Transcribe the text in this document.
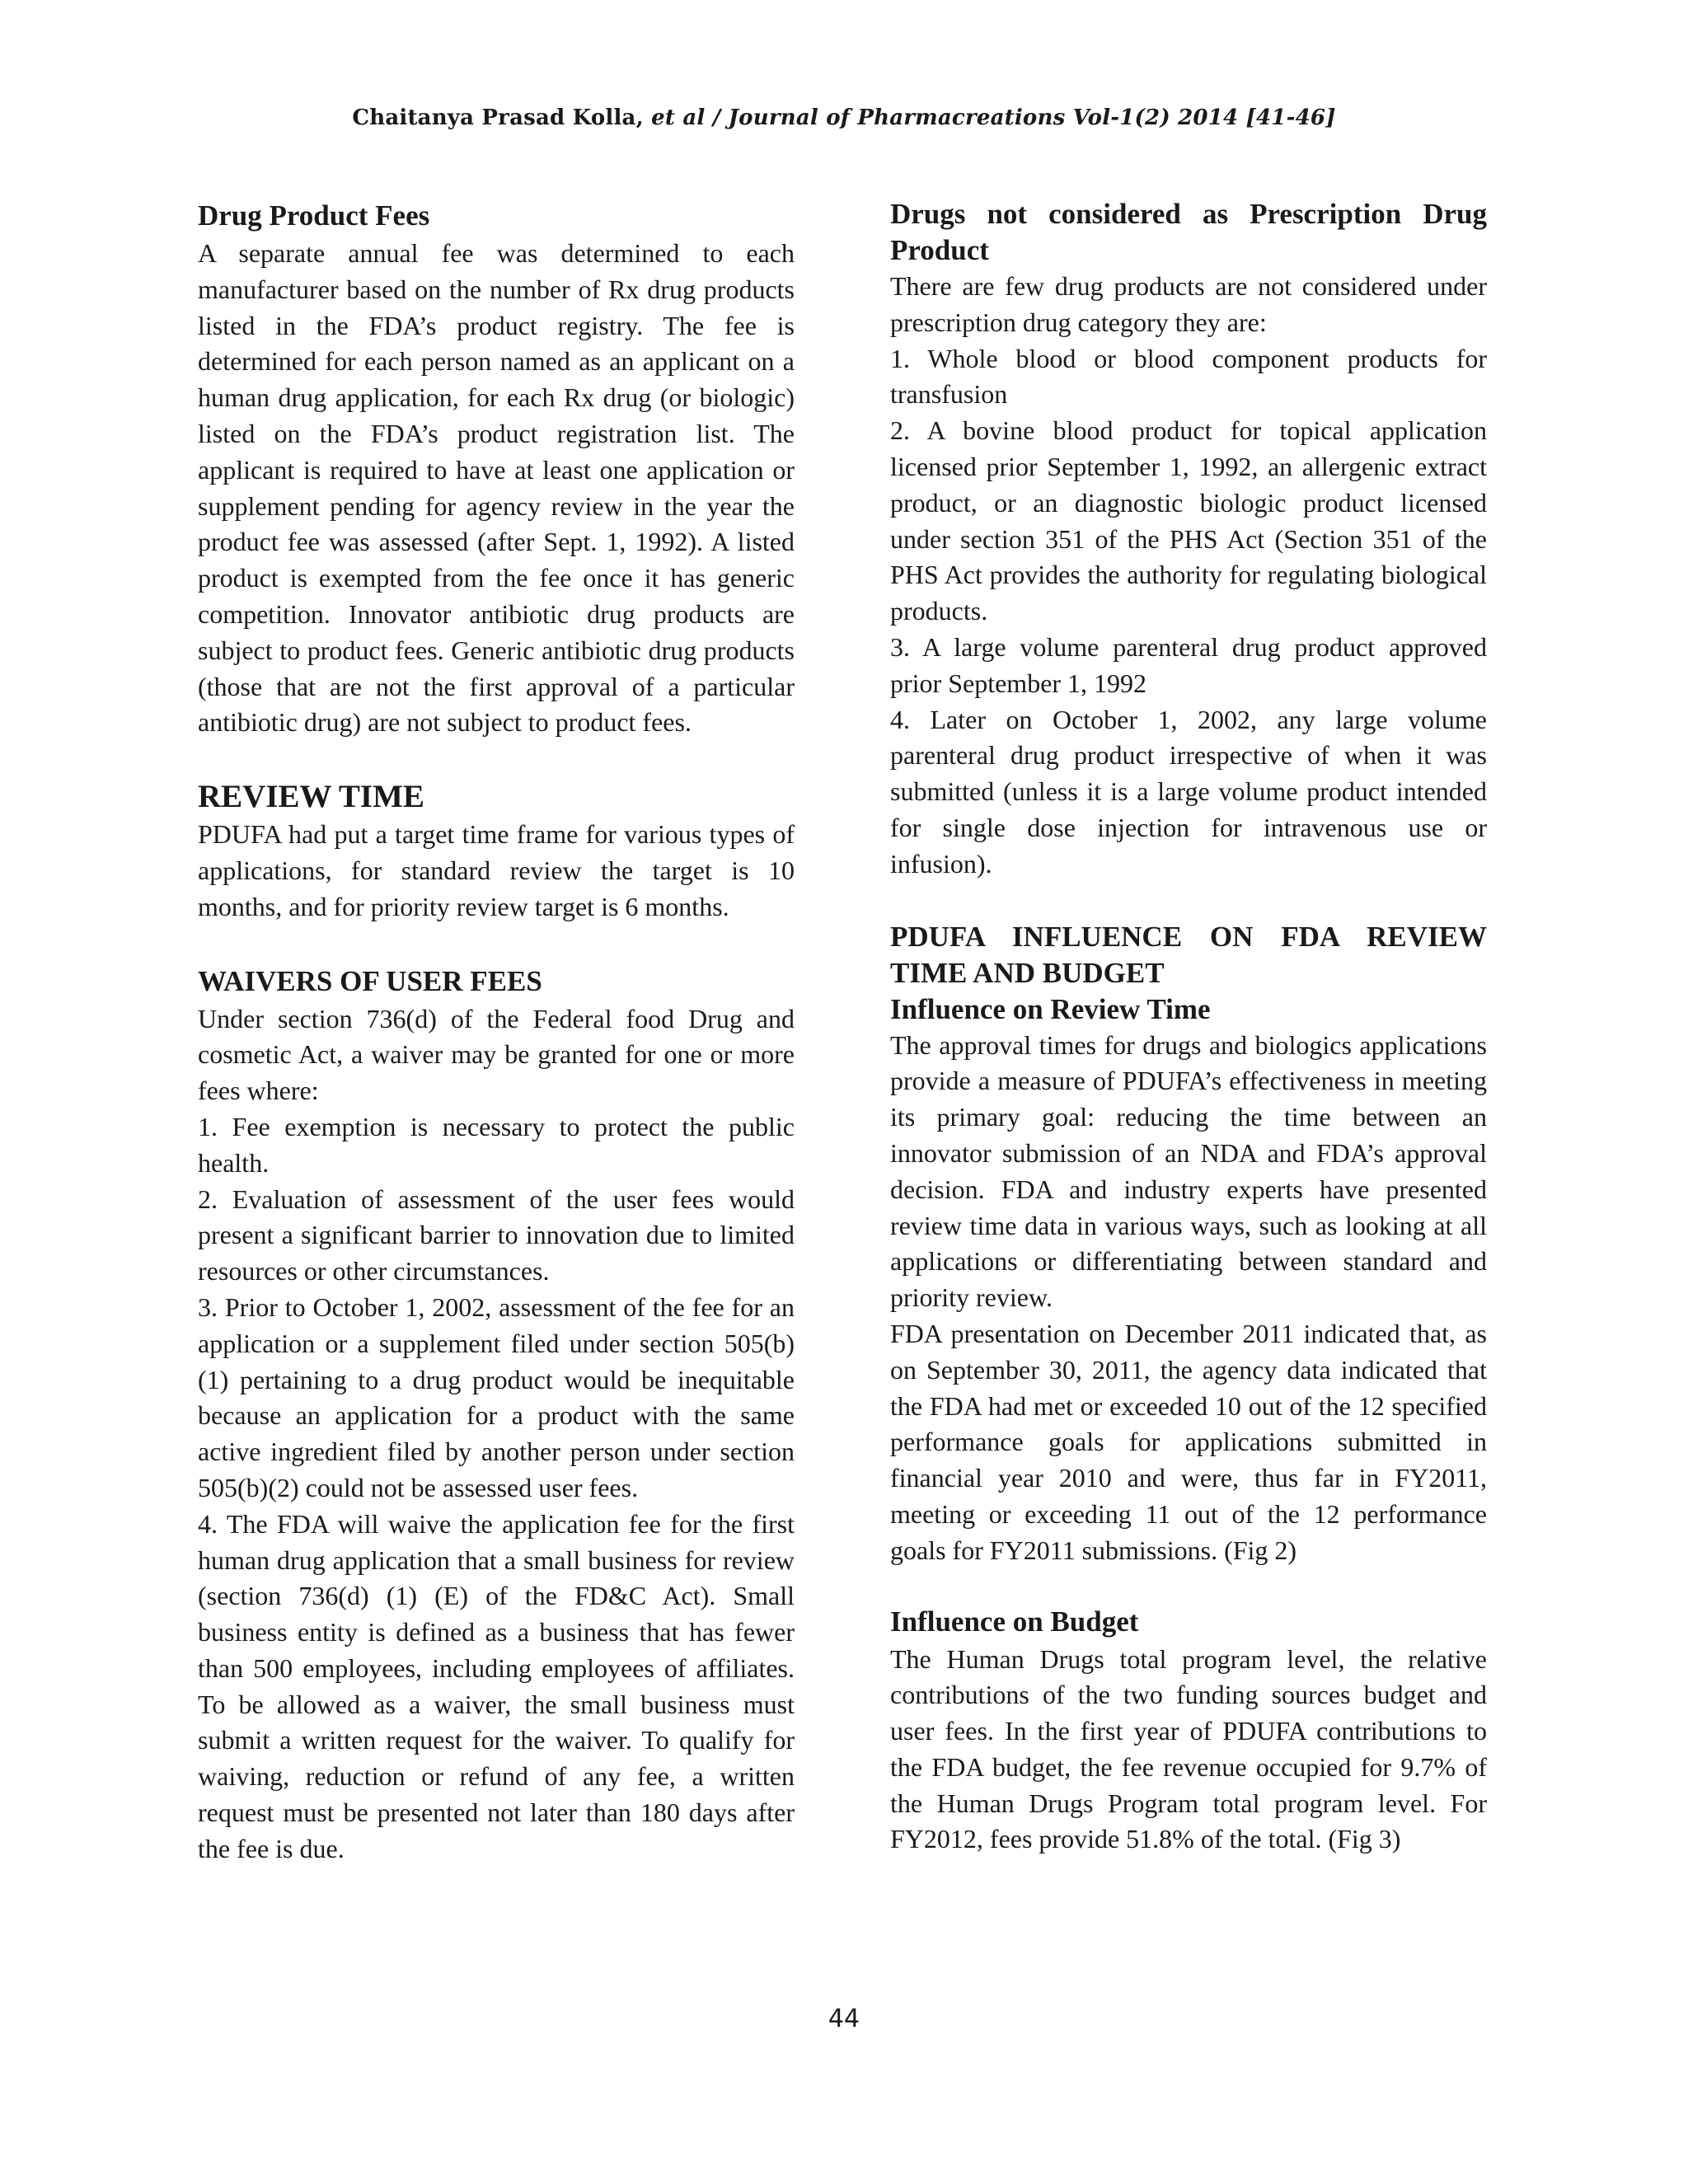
Chaitanya Prasad Kolla, et al / Journal of Pharmacreations Vol-1(2) 2014 [41-46]

Drug Product Fees

A separate annual fee was determined to each manufacturer based on the number of Rx drug products listed in the FDA’s product registry. The fee is determined for each person named as an applicant on a human drug application, for each Rx drug (or biologic) listed on the FDA’s product registration list. The applicant is required to have at least one application or supplement pending for agency review in the year the product fee was assessed (after Sept. 1, 1992). A listed product is exempted from the fee once it has generic competition. Innovator antibiotic drug products are subject to product fees. Generic antibiotic drug products (those that are not the first approval of a particular antibiotic drug) are not subject to product fees.

REVIEW TIME

PDUFA had put a target time frame for various types of applications, for standard review the target is 10 months, and for priority review target is 6 months.

WAIVERS OF USER FEES

Under section 736(d) of the Federal food Drug and cosmetic Act, a waiver may be granted for one or more fees where:

1. Fee exemption is necessary to protect the public health.

2. Evaluation of assessment of the user fees would present a significant barrier to innovation due to limited resources or other circumstances.

3. Prior to October 1, 2002, assessment of the fee for an application or a supplement filed under section 505(b)(1) pertaining to a drug product would be inequitable because an application for a product with the same active ingredient filed by another person under section 505(b)(2) could not be assessed user fees.

4. The FDA will waive the application fee for the first human drug application that a small business for review (section 736(d) (1) (E) of the FD&C Act). Small business entity is defined as a business that has fewer than 500 employees, including employees of affiliates. To be allowed as a waiver, the small business must submit a written request for the waiver. To qualify for waiving, reduction or refund of any fee, a written request must be presented not later than 180 days after the fee is due.

Drugs not considered as Prescription Drug Product

There are few drug products are not considered under prescription drug category they are:

1. Whole blood or blood component products for transfusion

2. A bovine blood product for topical application licensed prior September 1, 1992, an allergenic extract product, or an diagnostic biologic product licensed under section 351 of the PHS Act (Section 351 of the PHS Act provides the authority for regulating biological products.

3. A large volume parenteral drug product approved prior September 1, 1992

4. Later on October 1, 2002, any large volume parenteral drug product irrespective of when it was submitted (unless it is a large volume product intended for single dose injection for intravenous use or infusion).

PDUFA INFLUENCE ON FDA REVIEW TIME AND BUDGET

Influence on Review Time

The approval times for drugs and biologics applications provide a measure of PDUFA’s effectiveness in meeting its primary goal: reducing the time between an innovator submission of an NDA and FDA’s approval decision. FDA and industry experts have presented review time data in various ways, such as looking at all applications or differentiating between standard and priority review.

FDA presentation on December 2011 indicated that, as on September 30, 2011, the agency data indicated that the FDA had met or exceeded 10 out of the 12 specified performance goals for applications submitted in financial year 2010 and were, thus far in FY2011, meeting or exceeding 11 out of the 12 performance goals for FY2011 submissions. (Fig 2)

Influence on Budget

The Human Drugs total program level, the relative contributions of the two funding sources budget and user fees. In the first year of PDUFA contributions to the FDA budget, the fee revenue occupied for 9.7% of the Human Drugs Program total program level. For FY2012, fees provide 51.8% of the total. (Fig 3)

44
